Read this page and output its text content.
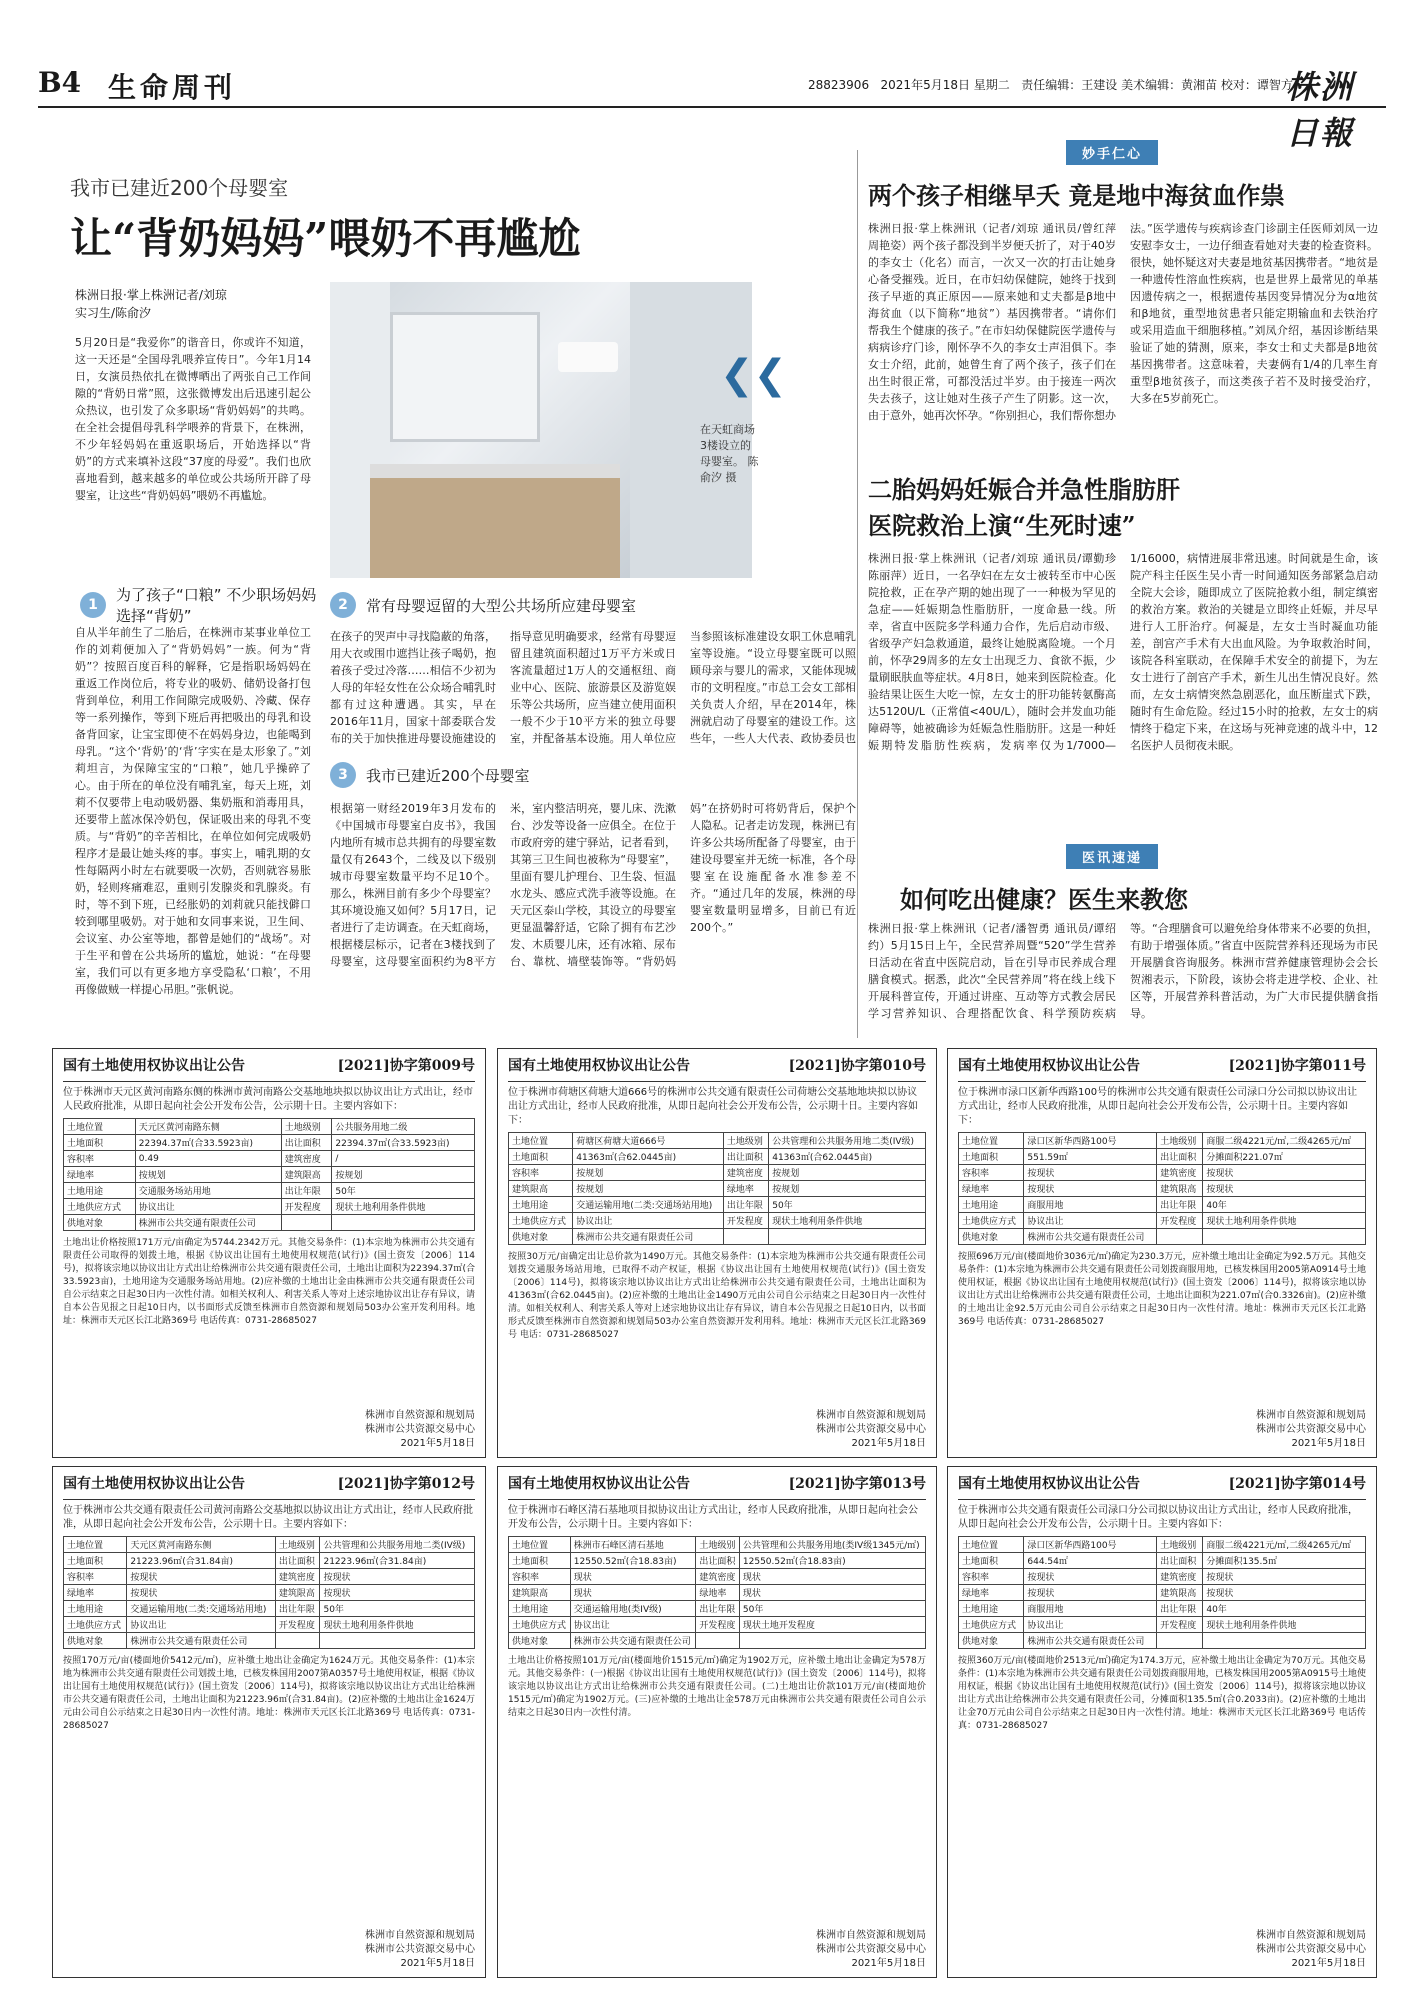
B4 生命周刊	28823906 2021年5月18日 星期二 责任编辑：王建设 美术编辑：黄湘苗 校对：谭智方
株洲日報
我市已建近200个母婴室
让“背奶妈妈”喂奶不再尴尬
株洲日报·掌上株洲记者/刘琼
实习生/陈俞汐
5月20日是“我爱你”的谐音日，你或许不知道，这一天还是“全国母乳喂养宣传日”。今年1月14日，女演员热依扎在微博晒出了两张自己工作间隙的“背奶日常”照，这张微博发出后迅速引起公众热议，也引发了众多职场“背奶妈妈”的共鸣。在全社会提倡母乳科学喂养的背景下，在株洲，不少年轻妈妈在重返职场后，开始选择以“背奶”的方式来填补这段“37度的母爱”。我们也欣喜地看到，越来越多的单位或公共场所开辟了母婴室，让这些“背奶妈妈”喂奶不再尴尬。
❮❮
在天虹商场3楼设立的母婴室。 陈俞汐 摄
1
为了孩子“口粮” 不少职场妈妈选择“背奶”
自从半年前生了二胎后，在株洲市某事业单位工作的刘莉便加入了“背奶妈妈”一族。何为“背奶”？按照百度百科的解释，它是指职场妈妈在重返工作岗位后，将专业的吸奶、储奶设备打包背到单位，利用工作间隙完成吸奶、冷藏、保存等一系列操作，等到下班后再把吸出的母乳和设备背回家，让宝宝即使不在妈妈身边，也能喝到母乳。“这个‘背奶’的‘背’字实在是太形象了。”刘莉坦言，为保障宝宝的“口粮”，她几乎操碎了心。由于所在的单位没有哺乳室，每天上班，刘莉不仅要带上电动吸奶器、集奶瓶和消毒用具，还要带上蓝冰保冷奶包，保证吸出来的母乳不变质。与“背奶”的辛苦相比，在单位如何完成吸奶程序才是最让她头疼的事。事实上，哺乳期的女性每隔两小时左右就要吸一次奶，否则就容易胀奶，轻则疼痛难忍，重则引发腺炎和乳腺炎。有时，等不到下班，已经胀奶的刘莉就只能找僻口较到哪里吸奶。对于她和女同事来说，卫生间、会议室、办公室等地，都曾是她们的“战场”。对于生平和曾在公共场所的尴尬，她说：“在母婴室，我们可以有更多地方享受隐私‘口粮’，不用再像做贼一样提心吊胆。”张帆说。
2	常有母婴逗留的大型公共场所应建母婴室
在孩子的哭声中寻找隐蔽的角落，用大衣或围巾遮挡让孩子喝奶，抱着孩子受过冷落……相信不少初为人母的年轻女性在公众场合哺乳时都有过这种遭遇。其实，早在2016年11月，国家十部委联合发布的关于加快推进母婴设施建设的指导意见明确要求，经常有母婴逗留且建筑面积超过1万平方米或日客流量超过1万人的交通枢纽、商业中心、医院、旅游景区及游览娱乐等公共场所，应当建立使用面积一般不少于10平方米的独立母婴室，并配备基本设施。用人单位应当参照该标准建设女职工休息哺乳室等设施。“设立母婴室既可以照顾母亲与婴儿的需求，又能体现城市的文明程度。”市总工会女工部相关负责人介绍，早在2014年，株洲就启动了母婴室的建设工作。这些年，一些人大代表、政协委员也
3	我市已建近200个母婴室
根据第一财经2019年3月发布的《中国城市母婴室白皮书》，我国内地所有城市总共拥有的母婴室数量仅有2643个，二线及以下级别城市母婴室数量平均不足10个。那么，株洲目前有多少个母婴室？其环境设施又如何？5月17日，记者进行了走访调查。在天虹商场，根据楼层标示，记者在3楼找到了母婴室，这母婴室面积约为8平方米，室内整洁明亮，婴儿床、洗漱台、沙发等设备一应俱全。在位于市政府旁的建宁驿站，记者看到，其第三卫生间也被称为“母婴室”，里面有婴儿护理台、卫生袋、恒温水龙头、感应式洗手液等设施。在天元区泰山学校，其设立的母婴室更显温馨舒适，它除了拥有布艺沙发、木质婴儿床，还有冰箱、尿布台、靠枕、墙壁装饰等。“背奶妈妈”在挤奶时可将奶背后，保护个人隐私。记者走访发现，株洲已有许多公共场所配备了母婴室，由于建设母婴室并无统一标准，各个母婴室在设施配备水准参差不齐。“通过几年的发展，株洲的母婴室数量明显增多，目前已有近200个。”
妙手仁心
两个孩子相继早夭 竟是地中海贫血作祟
株洲日报·掌上株洲讯（记者/刘琼 通讯员/曾红萍 周艳姿）两个孩子都没到半岁便夭折了，对于40岁的李女士（化名）而言，一次又一次的打击让她身心备受摧残。近日，在市妇幼保健院，她终于找到孩子早逝的真正原因——原来她和丈夫都是β地中海贫血（以下简称“地贫”）基因携带者。“请你们帮我生个健康的孩子。”在市妇幼保健院医学遗传与病病诊疗门诊，刚怀孕不久的李女士声泪俱下。李女士介绍，此前，她曾生育了两个孩子，孩子们在出生时很正常，可都没活过半岁。由于接连一两次失去孩子，这让她对生孩子产生了阴影。这一次，由于意外，她再次怀孕。“你别担心，我们帮你想办法。”医学遗传与疾病诊查门诊副主任医师刘凤一边安慰李女士，一边仔细查看她对夫妻的检查资料。很快，她怀疑这对夫妻是地贫基因携带者。“地贫是一种遗传性溶血性疾病，也是世界上最常见的单基因遗传病之一，根据遗传基因变异情况分为α地贫和β地贫，重型地贫患者只能定期输血和去铁治疗或采用造血干细胞移植。”刘凤介绍，基因诊断结果验证了她的猜测，原来，李女士和丈夫都是β地贫基因携带者。这意味着，夫妻俩有1/4的几率生育重型β地贫孩子，而这类孩子若不及时接受治疗，大多在5岁前死亡。
二胎妈妈妊娠合并急性脂肪肝
医院救治上演“生死时速”
株洲日报·掌上株洲讯（记者/刘琼 通讯员/谭勤珍 陈丽萍）近日，一名孕妇在左女士被转至市中心医院抢救，正在孕产期的她出现了一一种极为罕见的急症——妊娠期急性脂肪肝，一度命悬一线。所幸，省直中医院多学科通力合作，先后启动市级、省级孕产妇急救通道，最终让她脱离险境。一个月前，怀孕29周多的左女士出现乏力、食欲不振，少量刷眠肤血等症状。4月8日，她来到医院检查。化验结果让医生大吃一惊，左女士的肝功能转氨酶高达5120U/L（正常值<40U/L），随时会并发血功能障碍等，她被确诊为妊娠急性脂肪肝。这是一种妊娠期特发脂肪性疾病，发病率仅为1/7000—1/16000，病情进展非常迅速。时间就是生命，该院产科主任医生吴小青一时间通知医务部紧急启动全院大会诊，随即成立了医院抢救小组，制定缜密的救治方案。救治的关键是立即终止妊娠，并尽早进行人工肝治疗。何凝是，左女士当时凝血功能差，剖宫产手术有大出血风险。为争取救治时间，该院各科室联动，在保障手术安全的前提下，为左女士进行了剖宫产手术，新生儿出生情况良好。然而，左女士病情突然急剧恶化，血压断崖式下跌，随时有生命危险。经过15小时的抢救，左女士的病情终于稳定下来，在这场与死神竞速的战斗中，12名医护人员彻夜未眠。
医讯速递
如何吃出健康？医生来教您
株洲日报·掌上株洲讯（记者/潘智勇 通讯员/谭绍约）5月15日上午，全民营养周暨“520”学生营养日活动在省直中医院启动，旨在引导市民养成合理膳食模式。据悉，此次“全民营养周”将在线上线下开展科普宣传，开通过讲座、互动等方式教会居民学习营养知识、合理搭配饮食、科学预防疾病等。“合理膳食可以避免给身体带来不必要的负担，有助于增强体质。”省直中医院营养科还现场为市民开展膳食咨询服务。株洲市营养健康管理协会会长贺湘表示，下阶段，该协会将走进学校、企业、社区等，开展营养科普活动，为广大市民提供膳食指导。
国有土地使用权协议出让公告	[2021]协字第009号
位于株洲市天元区黄河南路东侧的株洲市黄河南路公交基地地块拟以协议出让方式出让，经市人民政府批准，从即日起向社会公开发布公告，公示期十日。主要内容如下：
土地位置	天元区黄河南路东侧	土地级别	公共服务用地二级
土地面积	22394.37㎡(合33.5923亩)	出让面积	22394.37㎡(合33.5923亩)
容积率	0.49	建筑密度	/
绿地率	按规划	建筑限高	按规划
土地用途	交通服务场站用地	出让年限	50年
土地供应方式	协议出让	开发程度	现状土地利用条件供地
供地对象	株洲市公共交通有限责任公司		
土地出让价格按照171万元/亩确定为5744.2342万元。其他交易条件：(1)本宗地为株洲市公共交通有限责任公司取得的划拨土地，根据《协议出让国有土地使用权规范(试行)》(国土资发〔2006〕114号)，拟将该宗地以协议出让方式出让给株洲市公共交通有限责任公司，土地出让面积为22394.37㎡(合33.5923亩)，土地用途为交通服务场站用地。(2)应补缴的土地出让金由株洲市公共交通有限责任公司自公示结束之日起30日内一次性付清。如相关权利人、利害关系人等对上述宗地协议出让存有异议，请自本公告见报之日起10日内，以书面形式反馈至株洲市自然资源和规划局503办公室开发利用科。地址：株洲市天元区长江北路369号 电话传真：0731-28685027
株洲市自然资源和规划局
株洲市公共资源交易中心
2021年5月18日
国有土地使用权协议出让公告	[2021]协字第010号
位于株洲市荷塘区荷塘大道666号的株洲市公共交通有限责任公司荷塘公交基地地块拟以协议出让方式出让，经市人民政府批准，从即日起向社会公开发布公告，公示期十日。主要内容如下：
土地位置	荷塘区荷塘大道666号	土地级别	公共管理和公共服务用地二类(IV级)
土地面积	41363㎡(合62.0445亩)	出让面积	41363㎡(合62.0445亩)
容积率	按规划	建筑密度	按规划
建筑限高	按规划	绿地率	按规划
土地用途	交通运输用地(二类:交通场站用地)	出让年限	50年
土地供应方式	协议出让	开发程度	现状土地利用条件供地
供地对象	株洲市公共交通有限责任公司		
按照30万元/亩确定出让总价款为1490万元。其他交易条件：(1)本宗地为株洲市公共交通有限责任公司划拨交通服务场站用地，已取得不动产权证，根据《协议出让国有土地使用权规范(试行)》(国土资发〔2006〕114号)，拟将该宗地以协议出让方式出让给株洲市公共交通有限责任公司，土地出让面积为41363㎡(合62.0445亩)。(2)应补缴的土地出让金1490万元由公司自公示结束之日起30日内一次性付清。如相关权利人、利害关系人等对上述宗地协议出让存有异议，请自本公告见报之日起10日内，以书面形式反馈至株洲市自然资源和规划局503办公室自然资源开发利用科。地址：株洲市天元区长江北路369号 电话：0731-28685027
株洲市自然资源和规划局
株洲市公共资源交易中心
2021年5月18日
国有土地使用权协议出让公告	[2021]协字第011号
位于株洲市渌口区新华西路100号的株洲市公共交通有限责任公司渌口分公司拟以协议出让方式出让，经市人民政府批准，从即日起向社会公开发布公告，公示期十日。主要内容如下：
土地位置	渌口区新华西路100号	土地级别	商服二级4221元/㎡,二级4265元/㎡
土地面积	551.59㎡	出让面积	分摊面积221.07㎡
容积率	按现状	建筑密度	按现状
绿地率	按现状	建筑限高	按现状
土地用途	商服用地	出让年限	40年
土地供应方式	协议出让	开发程度	现状土地利用条件供地
供地对象	株洲市公共交通有限责任公司		
按照696万元/亩(楼面地价3036元/㎡)确定为230.3万元，应补缴土地出让金确定为92.5万元。其他交易条件：(1)本宗地为株洲市公共交通有限责任公司划拨商服用地，已核发株国用2005第A0914号土地使用权证，根据《协议出让国有土地使用权规范(试行)》(国土资发〔2006〕114号)，拟将该宗地以协议出让方式出让给株洲市公共交通有限责任公司，土地出让面积为221.07㎡(合0.3326亩)。(2)应补缴的土地出让金92.5万元由公司自公示结束之日起30日内一次性付清。地址：株洲市天元区长江北路369号 电话传真：0731-28685027
株洲市自然资源和规划局
株洲市公共资源交易中心
2021年5月18日
国有土地使用权协议出让公告	[2021]协字第012号
位于株洲市公共交通有限责任公司黄河南路公交基地拟以协议出让方式出让，经市人民政府批准，从即日起向社会公开发布公告，公示期十日。主要内容如下：
土地位置	天元区黄河南路东侧	土地级别	公共管理和公共服务用地二类(IV级)
土地面积	21223.96㎡(合31.84亩)	出让面积	21223.96㎡(合31.84亩)
容积率	按现状	建筑密度	按现状
绿地率	按现状	建筑限高	按现状
土地用途	交通运输用地(二类:交通场站用地)	出让年限	50年
土地供应方式	协议出让	开发程度	现状土地利用条件供地
供地对象	株洲市公共交通有限责任公司		
按照170万元/亩(楼面地价5412元/㎡)，应补缴土地出让金确定为1624万元。其他交易条件：(1)本宗地为株洲市公共交通有限责任公司划拨土地，已核发株国用2007第A0357号土地使用权证，根据《协议出让国有土地使用权规范(试行)》(国土资发〔2006〕114号)，拟将该宗地以协议出让方式出让给株洲市公共交通有限责任公司，土地出让面积为21223.96㎡(合31.84亩)。(2)应补缴的土地出让金1624万元由公司自公示结束之日起30日内一次性付清。地址：株洲市天元区长江北路369号 电话传真：0731-28685027
株洲市自然资源和规划局
株洲市公共资源交易中心
2021年5月18日
国有土地使用权协议出让公告	[2021]协字第013号
位于株洲市石峰区清石基地项目拟协议出让方式出让，经市人民政府批准，从即日起向社会公开发布公告，公示期十日。主要内容如下：
土地位置	株洲市石峰区清石基地	土地级别	公共管理和公共服务用地(类IV级1345元/㎡)
土地面积	12550.52㎡(合18.83亩)	出让面积	12550.52㎡(合18.83亩)
容积率	现状	建筑密度	现状
建筑限高	现状	绿地率	现状
土地用途	交通运输用地(类IV级)	出让年限	50年
土地供应方式	协议出让	开发程度	现状土地开发程度
供地对象	株洲市公共交通有限责任公司		
土地出让价格按照101万元/亩(楼面地价1515元/㎡)确定为1902万元，应补缴土地出让金确定为578万元。其他交易条件：(一)根据《协议出让国有土地使用权规范(试行)》(国土资发〔2006〕114号)，拟将该宗地以协议出让方式出让给株洲市公共交通有限责任公司。(二)土地出让价款101万元/亩(楼面地价1515元/㎡)确定为1902万元。(三)应补缴的土地出让金578万元由株洲市公共交通有限责任公司自公示结束之日起30日内一次性付清。
株洲市自然资源和规划局
株洲市公共资源交易中心
2021年5月18日
国有土地使用权协议出让公告	[2021]协字第014号
位于株洲市公共交通有限责任公司渌口分公司拟以协议出让方式出让，经市人民政府批准，从即日起向社会公开发布公告，公示期十日。主要内容如下：
土地位置	渌口区新华西路100号	土地级别	商服二级4221元/㎡,二级4265元/㎡
土地面积	644.54㎡	出让面积	分摊面积135.5㎡
容积率	按现状	建筑密度	按现状
绿地率	按现状	建筑限高	按现状
土地用途	商服用地	出让年限	40年
土地供应方式	协议出让	开发程度	现状土地利用条件供地
供地对象	株洲市公共交通有限责任公司		
按照360万元/亩(楼面地价2513元/㎡)确定为174.3万元，应补缴土地出让金确定为70万元。其他交易条件：(1)本宗地为株洲市公共交通有限责任公司划拨商服用地，已核发株国用2005第A0915号土地使用权证，根据《协议出让国有土地使用权规范(试行)》(国土资发〔2006〕114号)，拟将该宗地以协议出让方式出让给株洲市公共交通有限责任公司，分摊面积135.5㎡(合0.2033亩)。(2)应补缴的土地出让金70万元由公司自公示结束之日起30日内一次性付清。地址：株洲市天元区长江北路369号 电话传真：0731-28685027
株洲市自然资源和规划局
株洲市公共资源交易中心
2021年5月18日
